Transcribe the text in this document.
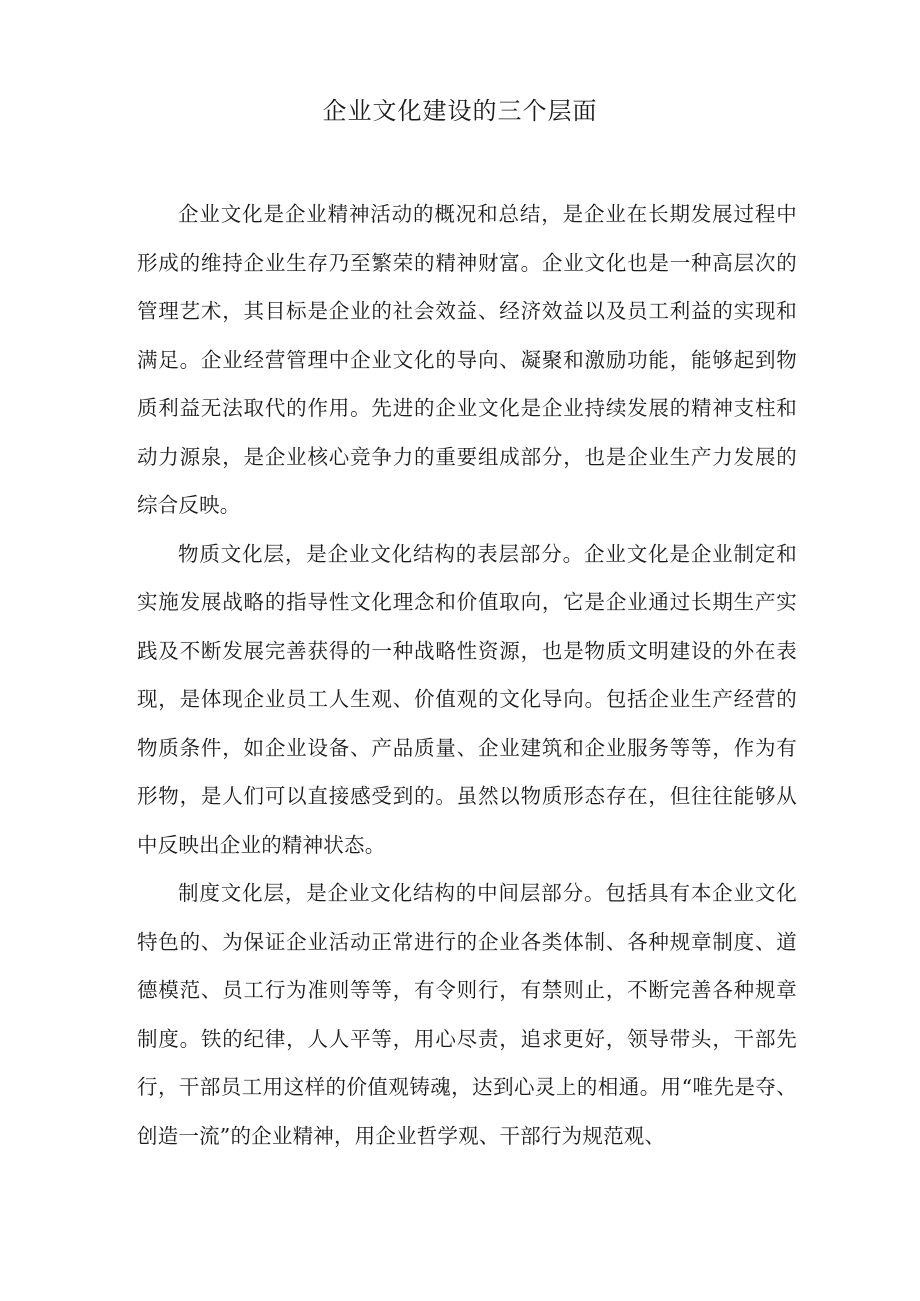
企业文化建设的三个层面

企业文化是企业精神活动的概况和总结，是企业在长期发展过程中形成的维持企业生存乃至繁荣的精神财富。企业文化也是一种高层次的管理艺术，其目标是企业的社会效益、经济效益以及员工利益的实现和满足。企业经营管理中企业文化的导向、凝聚和激励功能，能够起到物质利益无法取代的作用。先进的企业文化是企业持续发展的精神支柱和动力源泉，是企业核心竞争力的重要组成部分，也是企业生产力发展的综合反映。

物质文化层，是企业文化结构的表层部分。企业文化是企业制定和实施发展战略的指导性文化理念和价值取向，它是企业通过长期生产实践及不断发展完善获得的一种战略性资源，也是物质文明建设的外在表现，是体现企业员工人生观、价值观的文化导向。包括企业生产经营的物质条件，如企业设备、产品质量、企业建筑和企业服务等等，作为有形物，是人们可以直接感受到的。虽然以物质形态存在，但往往能够从中反映出企业的精神状态。

制度文化层，是企业文化结构的中间层部分。包括具有本企业文化特色的、为保证企业活动正常进行的企业各类体制、各种规章制度、道德模范、员工行为准则等等，有令则行，有禁则止，不断完善各种规章制度。铁的纪律，人人平等，用心尽责，追求更好，领导带头，干部先行，干部员工用这样的价值观铸魂，达到心灵上的相通。用“唯先是夺、创造一流”的企业精神，用企业哲学观、干部行为规范观、
